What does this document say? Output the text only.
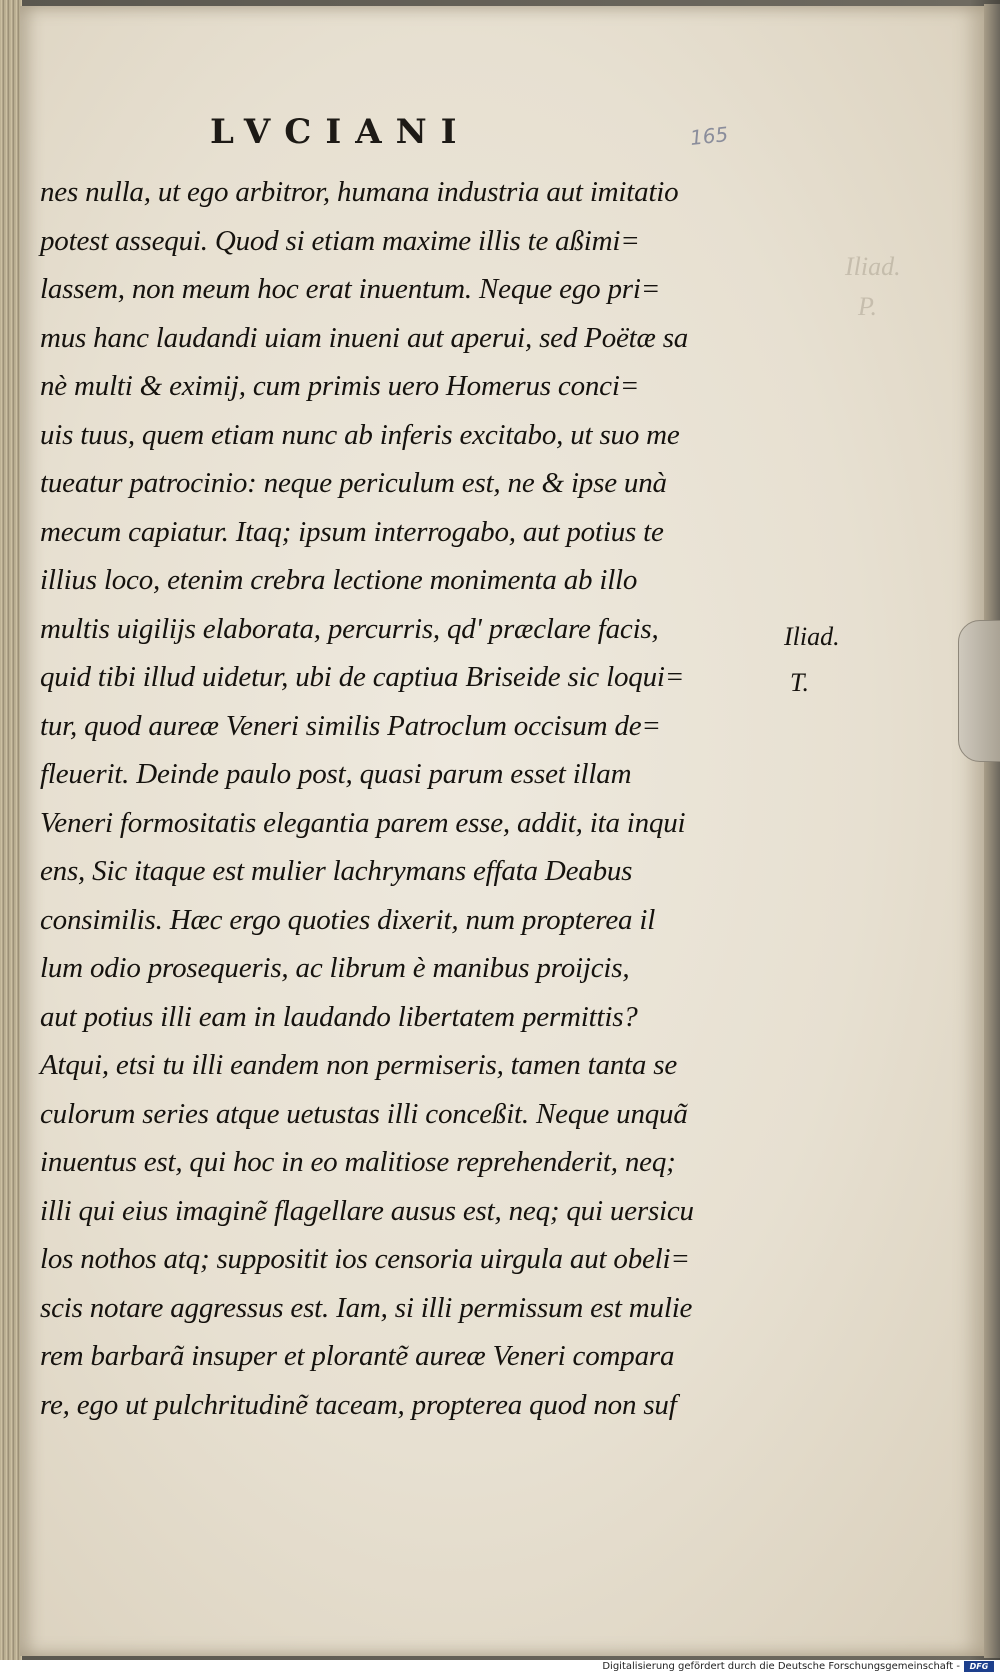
LVCIANI	165
Iliad.
P.
nes nulla, ut ego arbitror, humana industria aut imitatio
potest assequi. Quod si etiam maxime illis te aßimi=
lassem, non meum hoc erat inuentum. Neque ego pri=
mus hanc laudandi uiam inueni aut aperui, sed Poëtæ sa
nè multi & eximij, cum primis uero Homerus conci=
uis tuus, quem etiam nunc ab inferis excitabo, ut suo me
tueatur patrocinio: neque periculum est, ne & ipse unà
mecum capiatur. Itaq; ipsum interrogabo, aut potius te
illius loco, etenim crebra lectione monimenta ab illo
multis uigilijs elaborata, percurris, qd' præclare facis,
quid tibi illud uidetur, ubi de captiua Briseide sic loqui=
tur, quod aureæ Veneri similis Patroclum occisum de=
fleuerit. Deinde paulo post, quasi parum esset illam
Veneri formositatis elegantia parem esse, addit, ita inqui
ens, Sic itaque est mulier lachrymans effata Deabus
consimilis. Hæc ergo quoties dixerit, num propterea il
lum odio prosequeris, ac librum è manibus proijcis,
aut potius illi eam in laudando libertatem permittis?
Atqui, etsi tu illi eandem non permiseris, tamen tanta se
culorum series atque uetustas illi conceßit. Neque unquã
inuentus est, qui hoc in eo malitiose reprehenderit, neq;
illi qui eius imaginẽ flagellare ausus est, neq; qui uersicu
los nothos atq; suppositit ios censoria uirgula aut obeli=
scis notare aggressus est. Iam, si illi permissum est mulie
rem barbarã insuper et plorantẽ aureæ Veneri compara
re, ego ut pulchritudinẽ taceam, propterea quod non suf
Iliad.
T.
Digitalisierung gefördert durch die Deutsche Forschungsgemeinschaft -	DFG
